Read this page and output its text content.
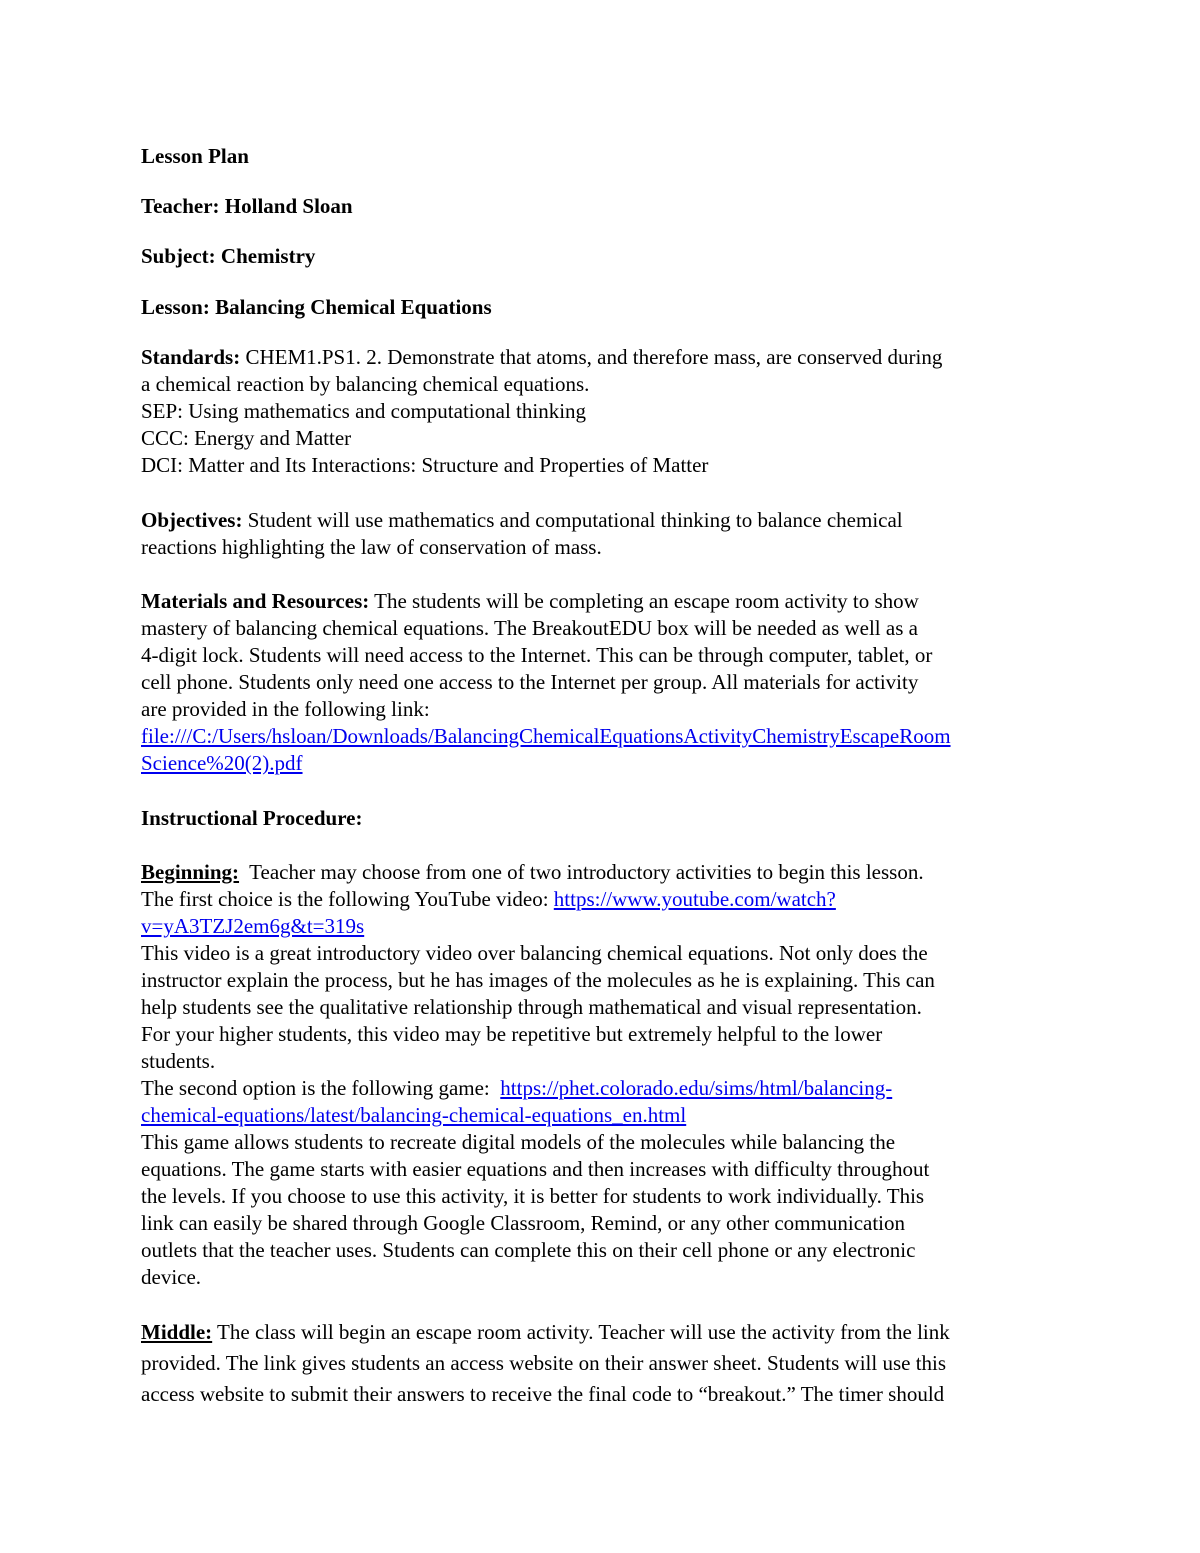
Lesson Plan
Teacher: Holland Sloan
Subject: Chemistry
Lesson: Balancing Chemical Equations
Standards: CHEM1.PS1. 2. Demonstrate that atoms, and therefore mass, are conserved during
a chemical reaction by balancing chemical equations.
SEP: Using mathematics and computational thinking
CCC: Energy and Matter
DCI: Matter and Its Interactions: Structure and Properties of Matter
Objectives: Student will use mathematics and computational thinking to balance chemical
reactions highlighting the law of conservation of mass.
Materials and Resources: The students will be completing an escape room activity to show
mastery of balancing chemical equations. The BreakoutEDU box will be needed as well as a
4-digit lock. Students will need access to the Internet. This can be through computer, tablet, or
cell phone. Students only need one access to the Internet per group. All materials for activity
are provided in the following link:
file:///C:/Users/hsloan/Downloads/BalancingChemicalEquationsActivityChemistryEscapeRoom
Science%20(2).pdf
Instructional Procedure:
Beginning: Teacher may choose from one of two introductory activities to begin this lesson.
The first choice is the following YouTube video: https://www.youtube.com/watch?
v=yA3TZJ2em6g&t=319s
This video is a great introductory video over balancing chemical equations. Not only does the
instructor explain the process, but he has images of the molecules as he is explaining. This can
help students see the qualitative relationship through mathematical and visual representation.
For your higher students, this video may be repetitive but extremely helpful to the lower
students.
The second option is the following game: https://phet.colorado.edu/sims/html/balancing-
chemical-equations/latest/balancing-chemical-equations_en.html
This game allows students to recreate digital models of the molecules while balancing the
equations. The game starts with easier equations and then increases with difficulty throughout
the levels. If you choose to use this activity, it is better for students to work individually. This
link can easily be shared through Google Classroom, Remind, or any other communication
outlets that the teacher uses. Students can complete this on their cell phone or any electronic
device.
Middle: The class will begin an escape room activity. Teacher will use the activity from the link
provided. The link gives students an access website on their answer sheet. Students will use this
access website to submit their answers to receive the final code to “breakout.” The timer should
